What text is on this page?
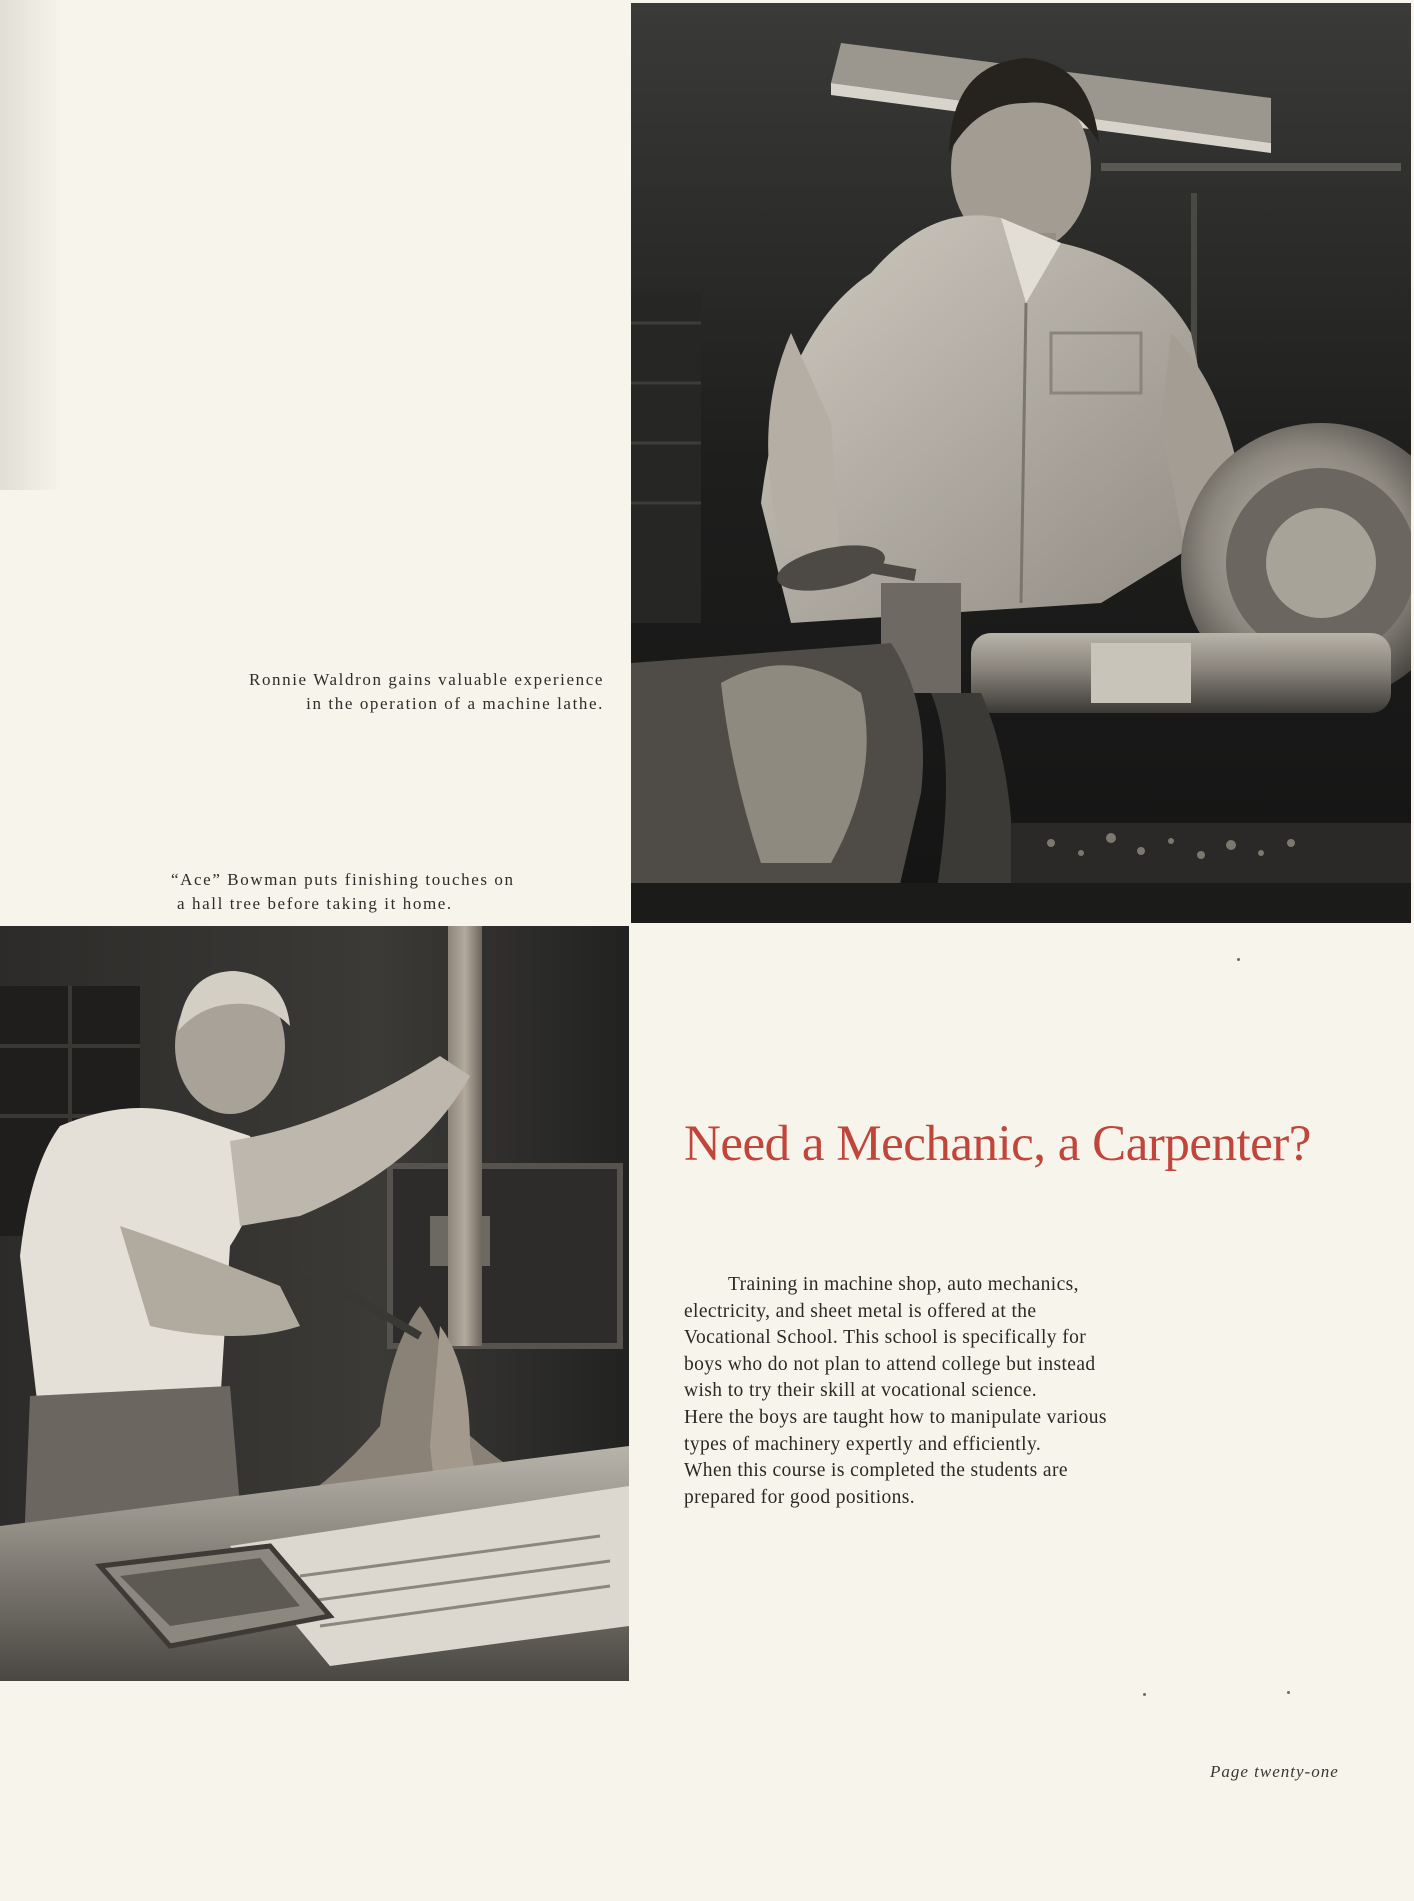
Ronnie Waldron gains valuable experience
in the operation of a machine lathe.

“Ace” Bowman puts finishing touches on
a hall tree before taking it home.

Need a Mechanic, a Carpenter?

Training in machine shop, auto mechanics,
electricity, and sheet metal is offered at the
Vocational School. This school is specifically for
boys who do not plan to attend college but instead
wish to try their skill at vocational science.
Here the boys are taught how to manipulate various
types of machinery expertly and efficiently.
When this course is completed the students are
prepared for good positions.

Page twenty-one
